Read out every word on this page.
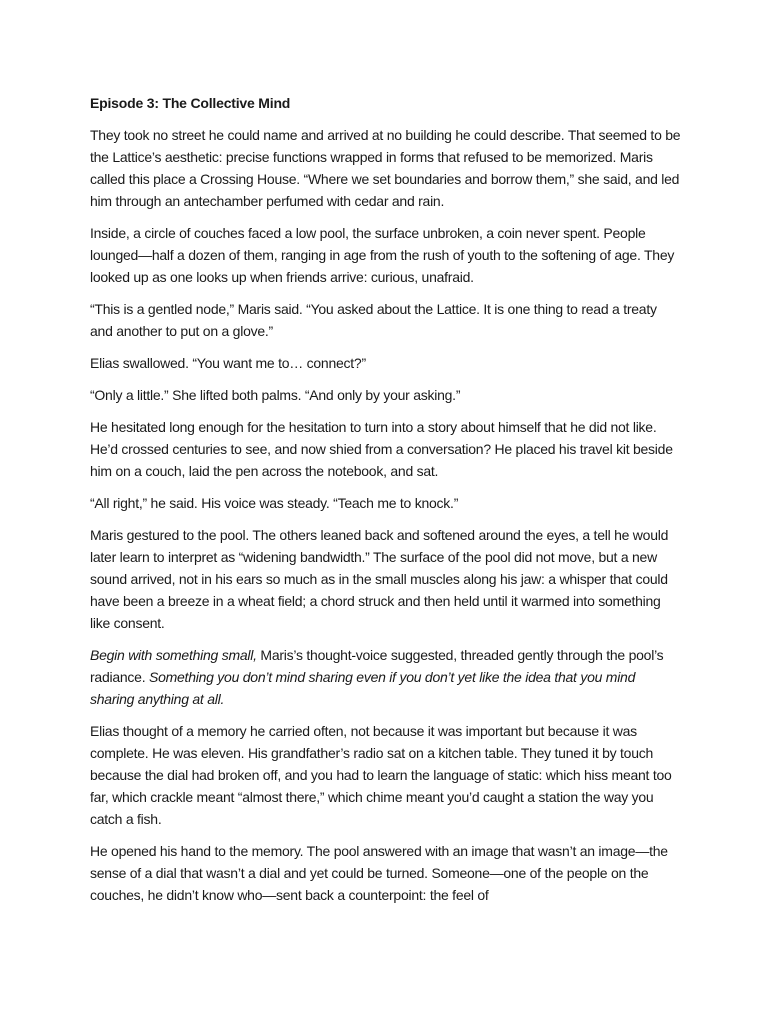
Episode 3: The Collective Mind

They took no street he could name and arrived at no building he could describe. That seemed to be the Lattice’s aesthetic: precise functions wrapped in forms that refused to be memorized. Maris called this place a Crossing House. “Where we set boundaries and borrow them,” she said, and led him through an antechamber perfumed with cedar and rain.

Inside, a circle of couches faced a low pool, the surface unbroken, a coin never spent. People lounged—half a dozen of them, ranging in age from the rush of youth to the softening of age. They looked up as one looks up when friends arrive: curious, unafraid.

“This is a gentled node,” Maris said. “You asked about the Lattice. It is one thing to read a treaty and another to put on a glove.”

Elias swallowed. “You want me to… connect?”

“Only a little.” She lifted both palms. “And only by your asking.”

He hesitated long enough for the hesitation to turn into a story about himself that he did not like. He’d crossed centuries to see, and now shied from a conversation? He placed his travel kit beside him on a couch, laid the pen across the notebook, and sat.

“All right,” he said. His voice was steady. “Teach me to knock.”

Maris gestured to the pool. The others leaned back and softened around the eyes, a tell he would later learn to interpret as “widening bandwidth.” The surface of the pool did not move, but a new sound arrived, not in his ears so much as in the small muscles along his jaw: a whisper that could have been a breeze in a wheat field; a chord struck and then held until it warmed into something like consent.

Begin with something small, Maris’s thought-voice suggested, threaded gently through the pool’s radiance. Something you don’t mind sharing even if you don’t yet like the idea that you mind sharing anything at all.

Elias thought of a memory he carried often, not because it was important but because it was complete. He was eleven. His grandfather’s radio sat on a kitchen table. They tuned it by touch because the dial had broken off, and you had to learn the language of static: which hiss meant too far, which crackle meant “almost there,” which chime meant you’d caught a station the way you catch a fish.

He opened his hand to the memory. The pool answered with an image that wasn’t an image—the sense of a dial that wasn’t a dial and yet could be turned. Someone—one of the people on the couches, he didn’t know who—sent back a counterpoint: the feel of
